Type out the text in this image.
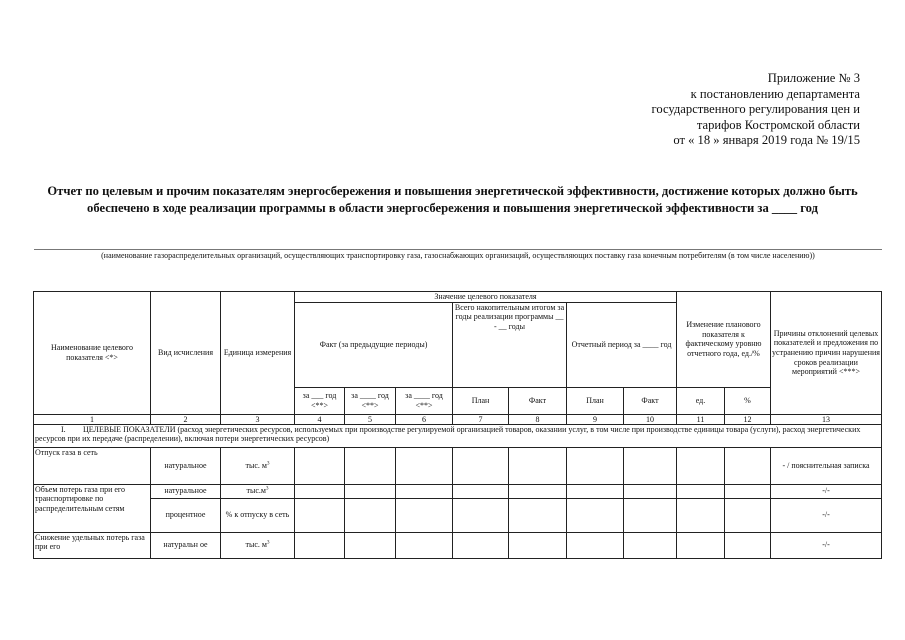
Приложение № 3
к постановлению департамента
государственного регулирования цен и
тарифов Костромской области
от « 18 » января 2019 года № 19/15
Отчет по целевым и прочим показателям энергосбережения и повышения энергетической эффективности, достижение которых должно быть обеспечено в ходе реализации программы в области энергосбережения и повышения энергетической эффективности за ____ год
(наименование газораспределительных организаций, осуществляющих транспортировку газа, газоснабжающих организаций, осуществляющих поставку газа конечным потребителям (в том числе населению))
Наименование целевого показателя <*>	Вид исчисления	Единица измерения	Значение целевого показателя							Изменение планового показателя к фактическому уровню отчетного года, ед./%		Причины отклонений целевых показателей и предложения по устранению причин нарушения сроков реализации мероприятий <***>
			Факт (за предыдущие периоды)			Всего накопительным итогом за годы реализации программы __ - __ годы		Отчетный период за ____ год				
			за ___ год <**>	за ____ год <**>	за ____ год <**>	План	Факт	План	Факт	ед.	%	
1	2	3	4	5	6	7	8	9	10	11	12	13
I. ЦЕЛЕВЫЕ ПОКАЗАТЕЛИ (расход энергетических ресурсов, используемых при производстве регулируемой организацией товаров, оказании услуг, в том числе при производстве единицы товара (услуги), расход энергетических ресурсов при их передаче (распределении), включая потери энергетических ресурсов)												
Отпуск газа в сеть	натуральное	тыс. $м^3$										- / пояснительная записка
Объем потерь газа при его транспортировке по распределительным сетям	натуральное	$тыс.м^3$										-/-
	процентное	% к отпуску в сеть										-/-
Снижение удельных потерь газа при его	натуральн ое	тыс. $м^3$										-/-
